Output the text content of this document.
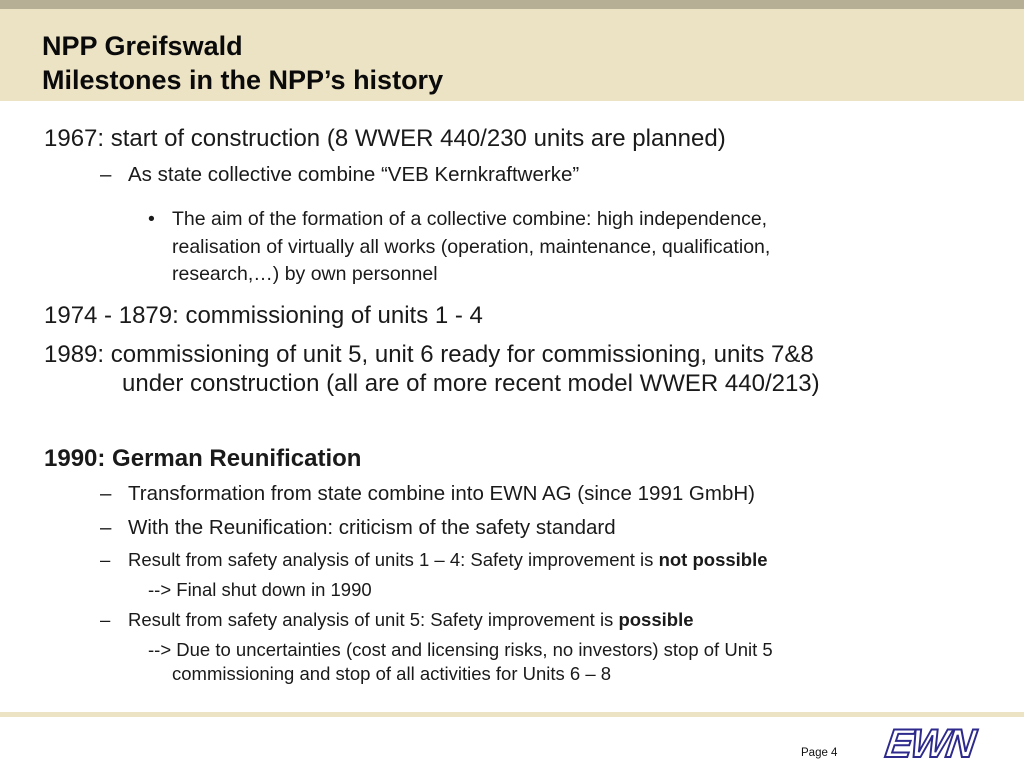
NPP Greifswald
Milestones in the NPP’s history
1967: start of construction (8 WWER 440/230 units are planned)
– As state collective combine “VEB Kernkraftwerke”
• The aim of the formation of a collective combine: high independence,
realisation of virtually all works (operation, maintenance, qualification,
research,…) by own personnel
1974 - 1879: commissioning of units 1 - 4
1989: commissioning of unit 5, unit 6 ready for commissioning, units 7&8
under construction (all are of more recent model WWER 440/213)
1990: German Reunification
– Transformation from state combine into EWN AG (since 1991 GmbH)
– With the Reunification: criticism of the safety standard
– Result from safety analysis of units 1 – 4: Safety improvement is not possible
--> Final shut down in 1990
– Result from safety analysis of unit 5: Safety improvement is possible
--> Due to uncertainties (cost and licensing risks, no investors) stop of Unit 5
commissioning and stop of all activities for Units 6 – 8
Page 4 EWN
